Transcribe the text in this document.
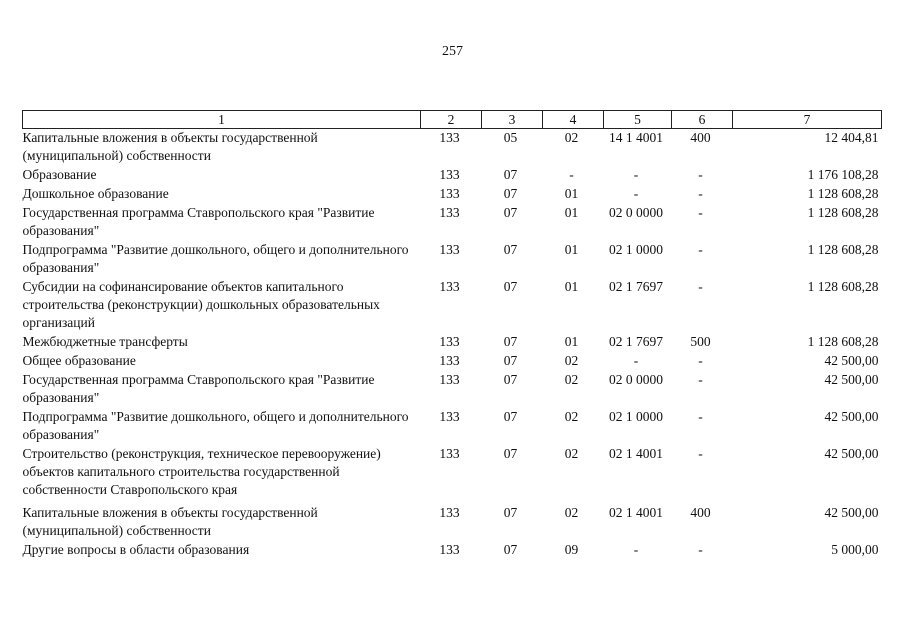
257
1	2	3	4	5	6	7
Капитальные вложения в объекты государственной (муниципальной) собственности	133	05	02	14 1 4001	400	12 404,81
Образование	133	07	-	-	-	1 176 108,28
Дошкольное образование	133	07	01	-	-	1 128 608,28
Государственная программа Ставропольского края "Развитие образования"	133	07	01	02 0 0000	-	1 128 608,28
Подпрограмма "Развитие дошкольного, общего и дополнительного образования"	133	07	01	02 1 0000	-	1 128 608,28
Субсидии на софинансирование объектов капитального строительства (реконструкции) дошкольных образовательных организаций	133	07	01	02 1 7697	-	1 128 608,28
Межбюджетные трансферты	133	07	01	02 1 7697	500	1 128 608,28
Общее образование	133	07	02	-	-	42 500,00
Государственная программа Ставропольского края "Развитие образования"	133	07	02	02 0 0000	-	42 500,00
Подпрограмма "Развитие дошкольного, общего и дополнительного образования"	133	07	02	02 1 0000	-	42 500,00
Строительство (реконструкция, техническое перевооружение) объектов капитального строительства государственной собственности Ставропольского края	133	07	02	02 1 4001	-	42 500,00
Капитальные вложения в объекты государственной (муниципальной) собственности	133	07	02	02 1 4001	400	42 500,00
Другие вопросы в области образования	133	07	09	-	-	5 000,00
